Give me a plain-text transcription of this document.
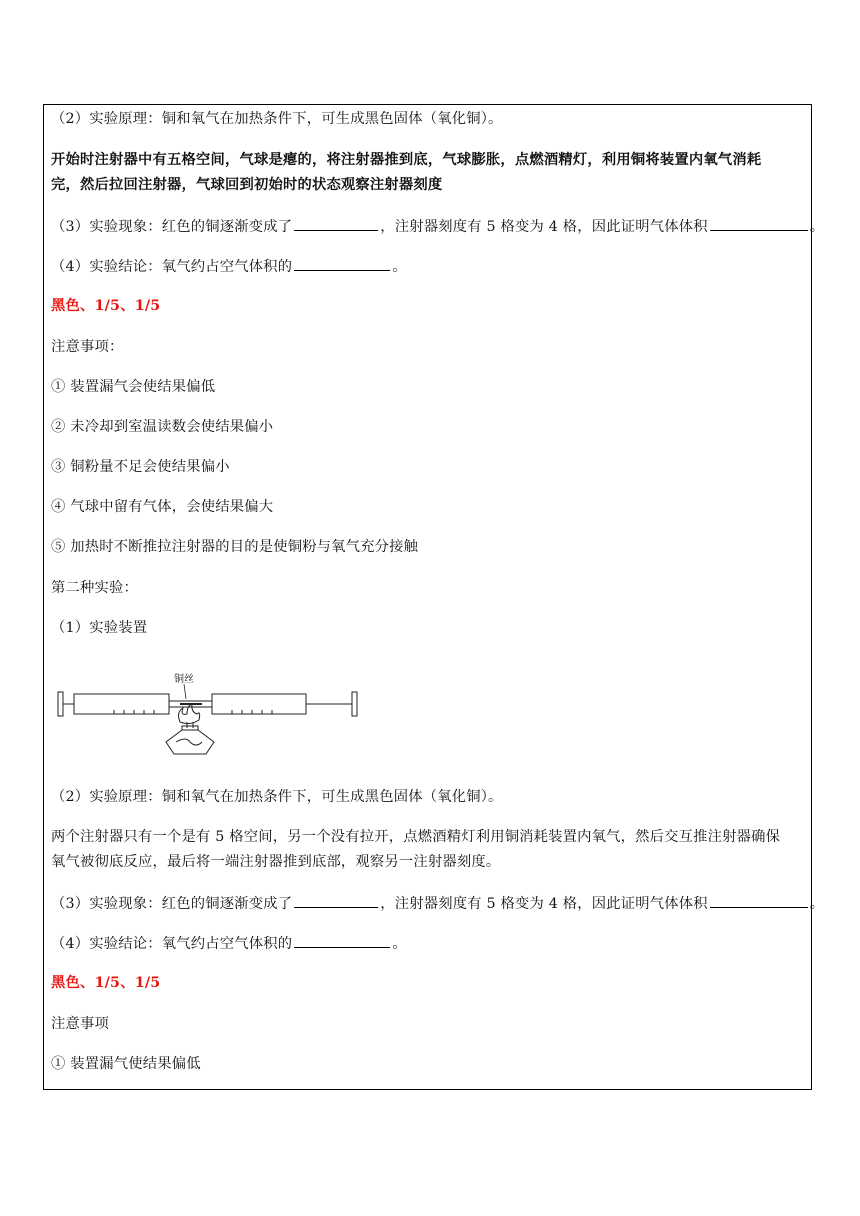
（2）实验原理：铜和氧气在加热条件下，可生成黑色固体（氧化铜）。
开始时注射器中有五格空间，气球是瘪的，将注射器推到底，气球膨胀，点燃酒精灯，利用铜将装置内氧气消耗
完，然后拉回注射器，气球回到初始时的状态观察注射器刻度
（3）实验现象：红色的铜逐渐变成了	，注射器刻度有 5 格变为 4 格，因此证明气体体积	。
（4）实验结论：氧气约占空气体积的	。
黑色、1/5、1/5
注意事项：
① 装置漏气会使结果偏低
② 未冷却到室温读数会使结果偏小
③ 铜粉量不足会使结果偏小
④ 气球中留有气体，会使结果偏大
⑤ 加热时不断推拉注射器的目的是使铜粉与氧气充分接触
第二种实验：
（1）实验装置
铜丝
（2）实验原理：铜和氧气在加热条件下，可生成黑色固体（氧化铜）。
两个注射器只有一个是有 5 格空间，另一个没有拉开，点燃酒精灯利用铜消耗装置内氧气，然后交互推注射器确保
氧气被彻底反应，最后将一端注射器推到底部，观察另一注射器刻度。
（3）实验现象：红色的铜逐渐变成了	，注射器刻度有 5 格变为 4 格，因此证明气体体积	。
（4）实验结论：氧气约占空气体积的	。
黑色、1/5、1/5
注意事项
① 装置漏气使结果偏低
